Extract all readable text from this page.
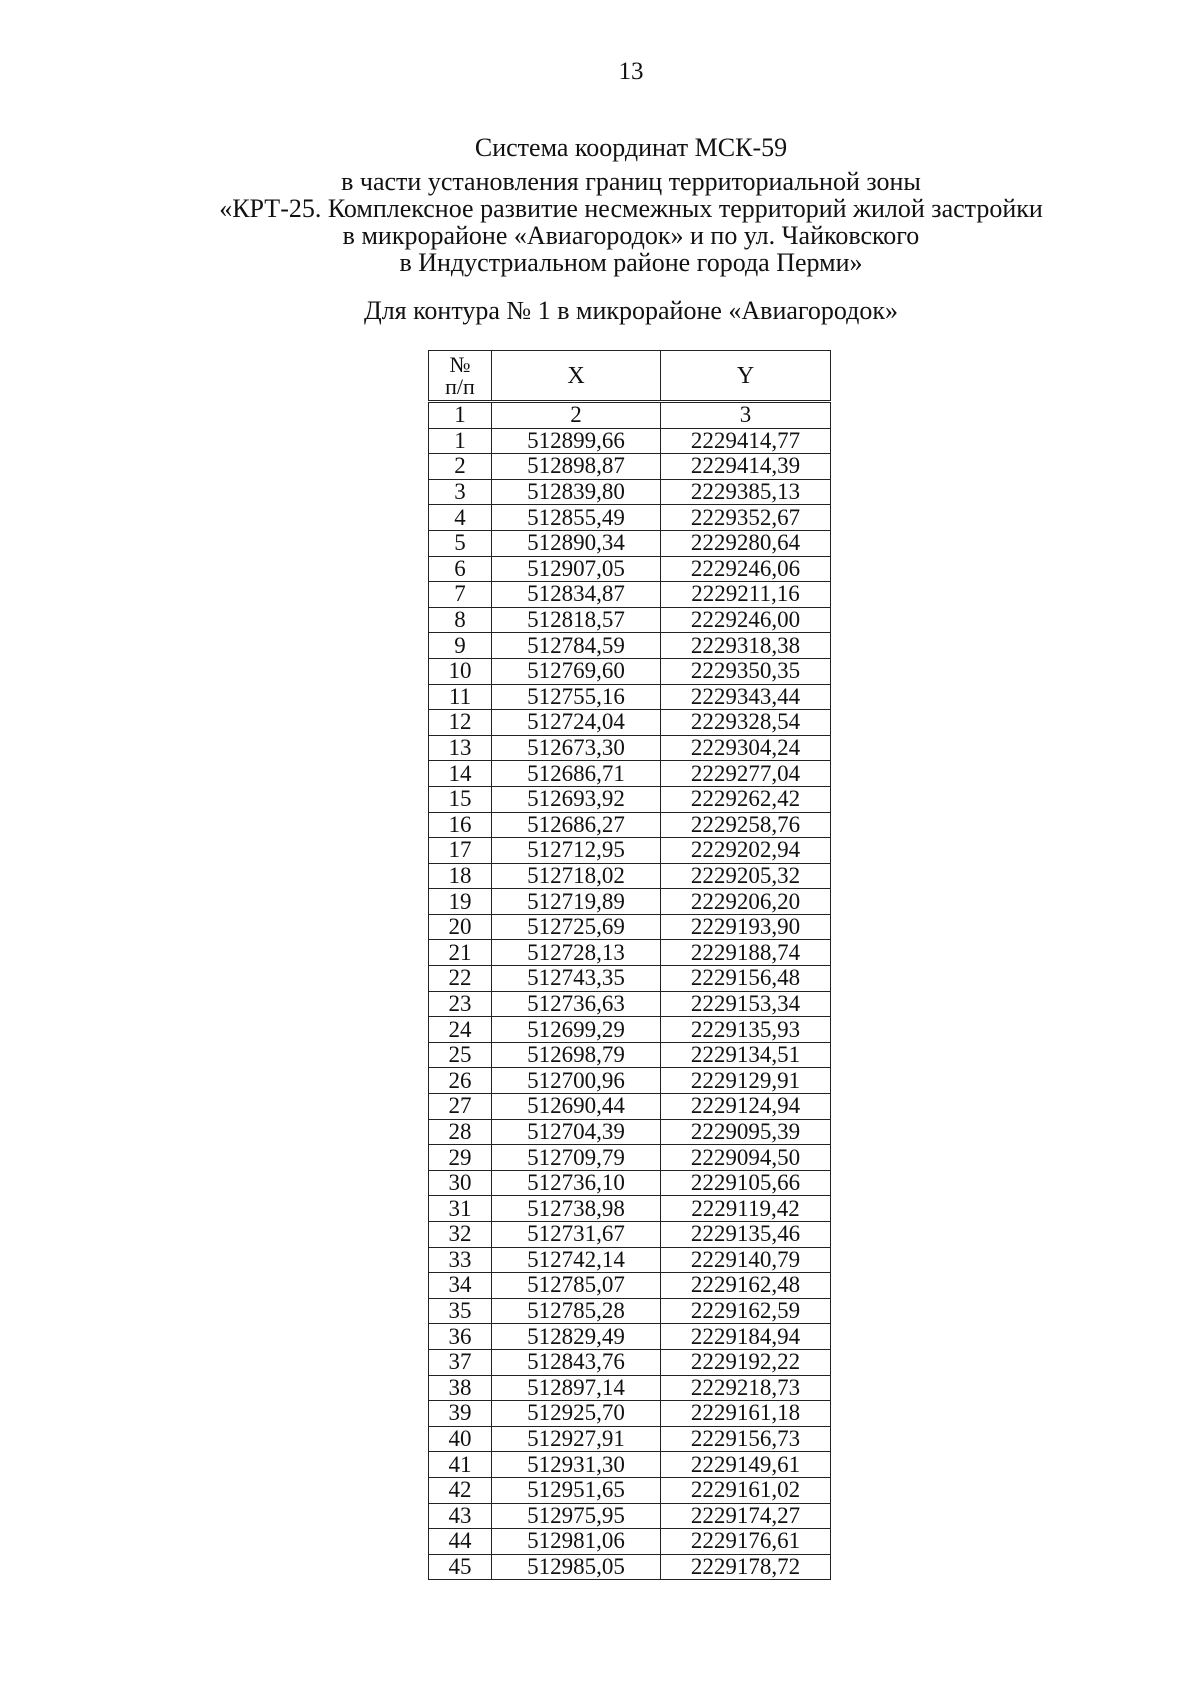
13
Система координат МСК-59
в части установления границ территориальной зоны
«КРТ-25. Комплексное развитие несмежных территорий жилой застройки
в микрорайоне «Авиагородок» и по ул. Чайковского
в Индустриальном районе города Перми»
Для контура № 1 в микрорайоне «Авиагородок»
№
п/п	X	Y
1	2	3
1	512899,66	2229414,77
2	512898,87	2229414,39
3	512839,80	2229385,13
4	512855,49	2229352,67
5	512890,34	2229280,64
6	512907,05	2229246,06
7	512834,87	2229211,16
8	512818,57	2229246,00
9	512784,59	2229318,38
10	512769,60	2229350,35
11	512755,16	2229343,44
12	512724,04	2229328,54
13	512673,30	2229304,24
14	512686,71	2229277,04
15	512693,92	2229262,42
16	512686,27	2229258,76
17	512712,95	2229202,94
18	512718,02	2229205,32
19	512719,89	2229206,20
20	512725,69	2229193,90
21	512728,13	2229188,74
22	512743,35	2229156,48
23	512736,63	2229153,34
24	512699,29	2229135,93
25	512698,79	2229134,51
26	512700,96	2229129,91
27	512690,44	2229124,94
28	512704,39	2229095,39
29	512709,79	2229094,50
30	512736,10	2229105,66
31	512738,98	2229119,42
32	512731,67	2229135,46
33	512742,14	2229140,79
34	512785,07	2229162,48
35	512785,28	2229162,59
36	512829,49	2229184,94
37	512843,76	2229192,22
38	512897,14	2229218,73
39	512925,70	2229161,18
40	512927,91	2229156,73
41	512931,30	2229149,61
42	512951,65	2229161,02
43	512975,95	2229174,27
44	512981,06	2229176,61
45	512985,05	2229178,72
